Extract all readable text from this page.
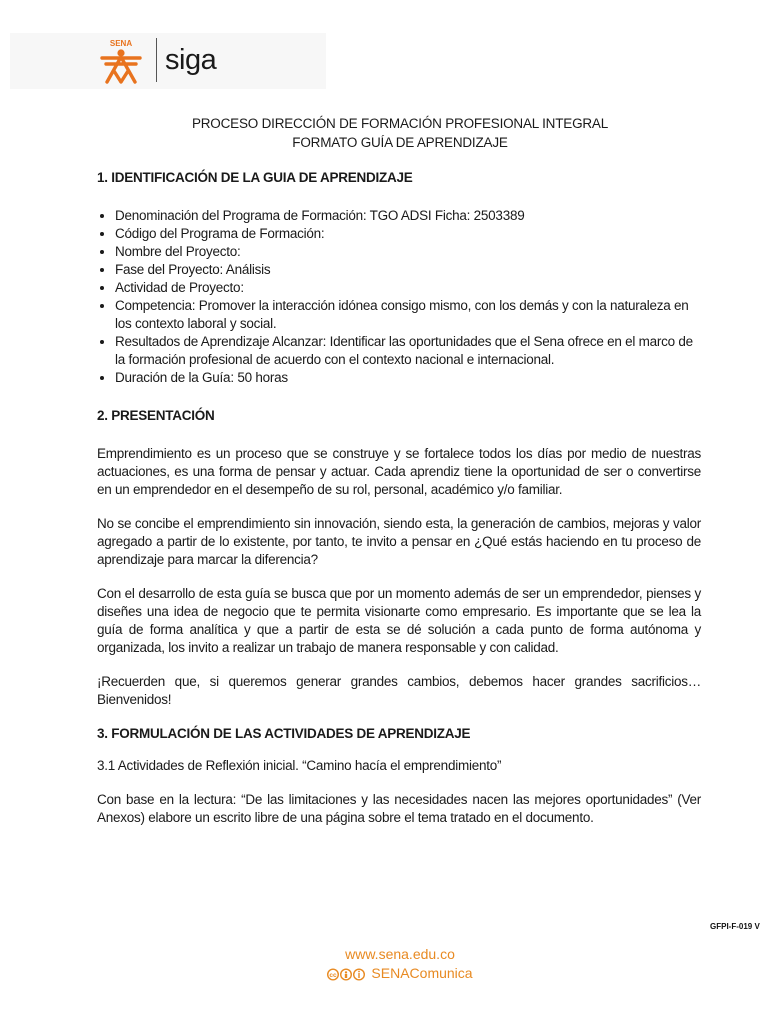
SENA
siga
PROCESO DIRECCIÓN DE FORMACIÓN PROFESIONAL INTEGRAL
FORMATO GUÍA DE APRENDIZAJE
1. IDENTIFICACIÓN DE LA GUIA DE APRENDIZAJE
• Denominación del Programa de Formación: TGO ADSI Ficha: 2503389
• Código del Programa de Formación:
• Nombre del Proyecto:
• Fase del Proyecto: Análisis
• Actividad de Proyecto:
• Competencia: Promover la interacción idónea consigo mismo, con los demás y con la naturaleza en los contexto laboral y social.
• Resultados de Aprendizaje Alcanzar: Identificar las oportunidades que el Sena ofrece en el marco de la formación profesional de acuerdo con el contexto nacional e internacional.
• Duración de la Guía: 50 horas
2. PRESENTACIÓN

Emprendimiento es un proceso que se construye y se fortalece todos los días por medio de nuestras actuaciones, es una forma de pensar y actuar. Cada aprendiz tiene la oportunidad de ser o convertirse en un emprendedor en el desempeño de su rol, personal, académico y/o familiar.

No se concibe el emprendimiento sin innovación, siendo esta, la generación de cambios, mejoras y valor agregado a partir de lo existente, por tanto, te invito a pensar en ¿Qué estás haciendo en tu proceso de aprendizaje para marcar la diferencia?

Con el desarrollo de esta guía se busca que por un momento además de ser un emprendedor, pienses y diseñes una idea de negocio que te permita visionarte como empresario. Es importante que se lea la guía de forma analítica y que a partir de esta se dé solución a cada punto de forma autónoma y organizada, los invito a realizar un trabajo de manera responsable y con calidad.

¡Recuerden que, si queremos generar grandes cambios, debemos hacer grandes sacrificios…Bienvenidos!

3. FORMULACIÓN DE LAS ACTIVIDADES DE APRENDIZAJE

3.1 Actividades de Reflexión inicial. “Camino hacía el emprendimiento”

Con base en la lectura: “De las limitaciones y las necesidades nacen las mejores oportunidades” (Ver Anexos) elabore un escrito libre de una página sobre el tema tratado en el documento.

GFPI-F-019 V
www.sena.edu.co
cc SENAComunica
